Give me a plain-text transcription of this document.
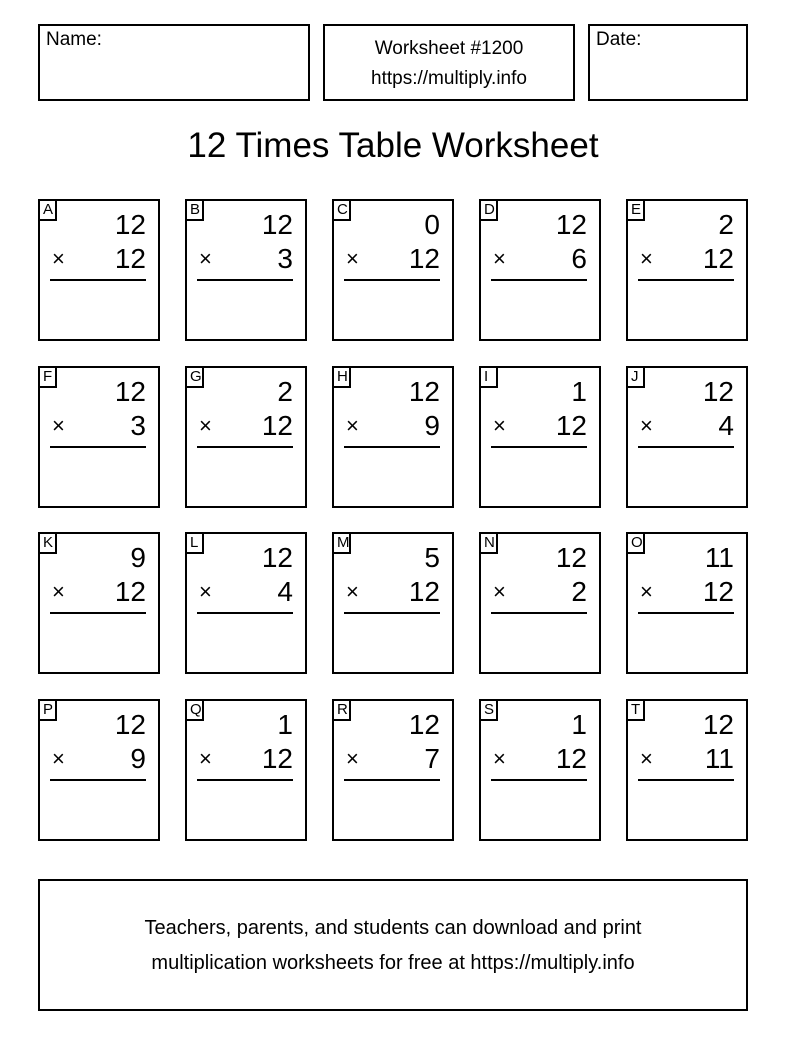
Name:	Worksheet #1200
https://multiply.info
Date:
12 Times Table Worksheet
A 12
× 12
B 12
× 3
C	0
× 12
D 12
× 6
E	2
× 12
F 12
× 3
G	2
× 12
H 12
× 9
I	1
× 12
J 12
× 4
K	9
× 12
L 12
× 4
M	5
× 12
N 12
× 2
O 11
× 12
P 12
× 9
Q	1
× 12
R 12
× 7
S	1
× 12
T 12
× 11
Teachers, parents, and students can download and print
multiplication worksheets for free at https://multiply.info
